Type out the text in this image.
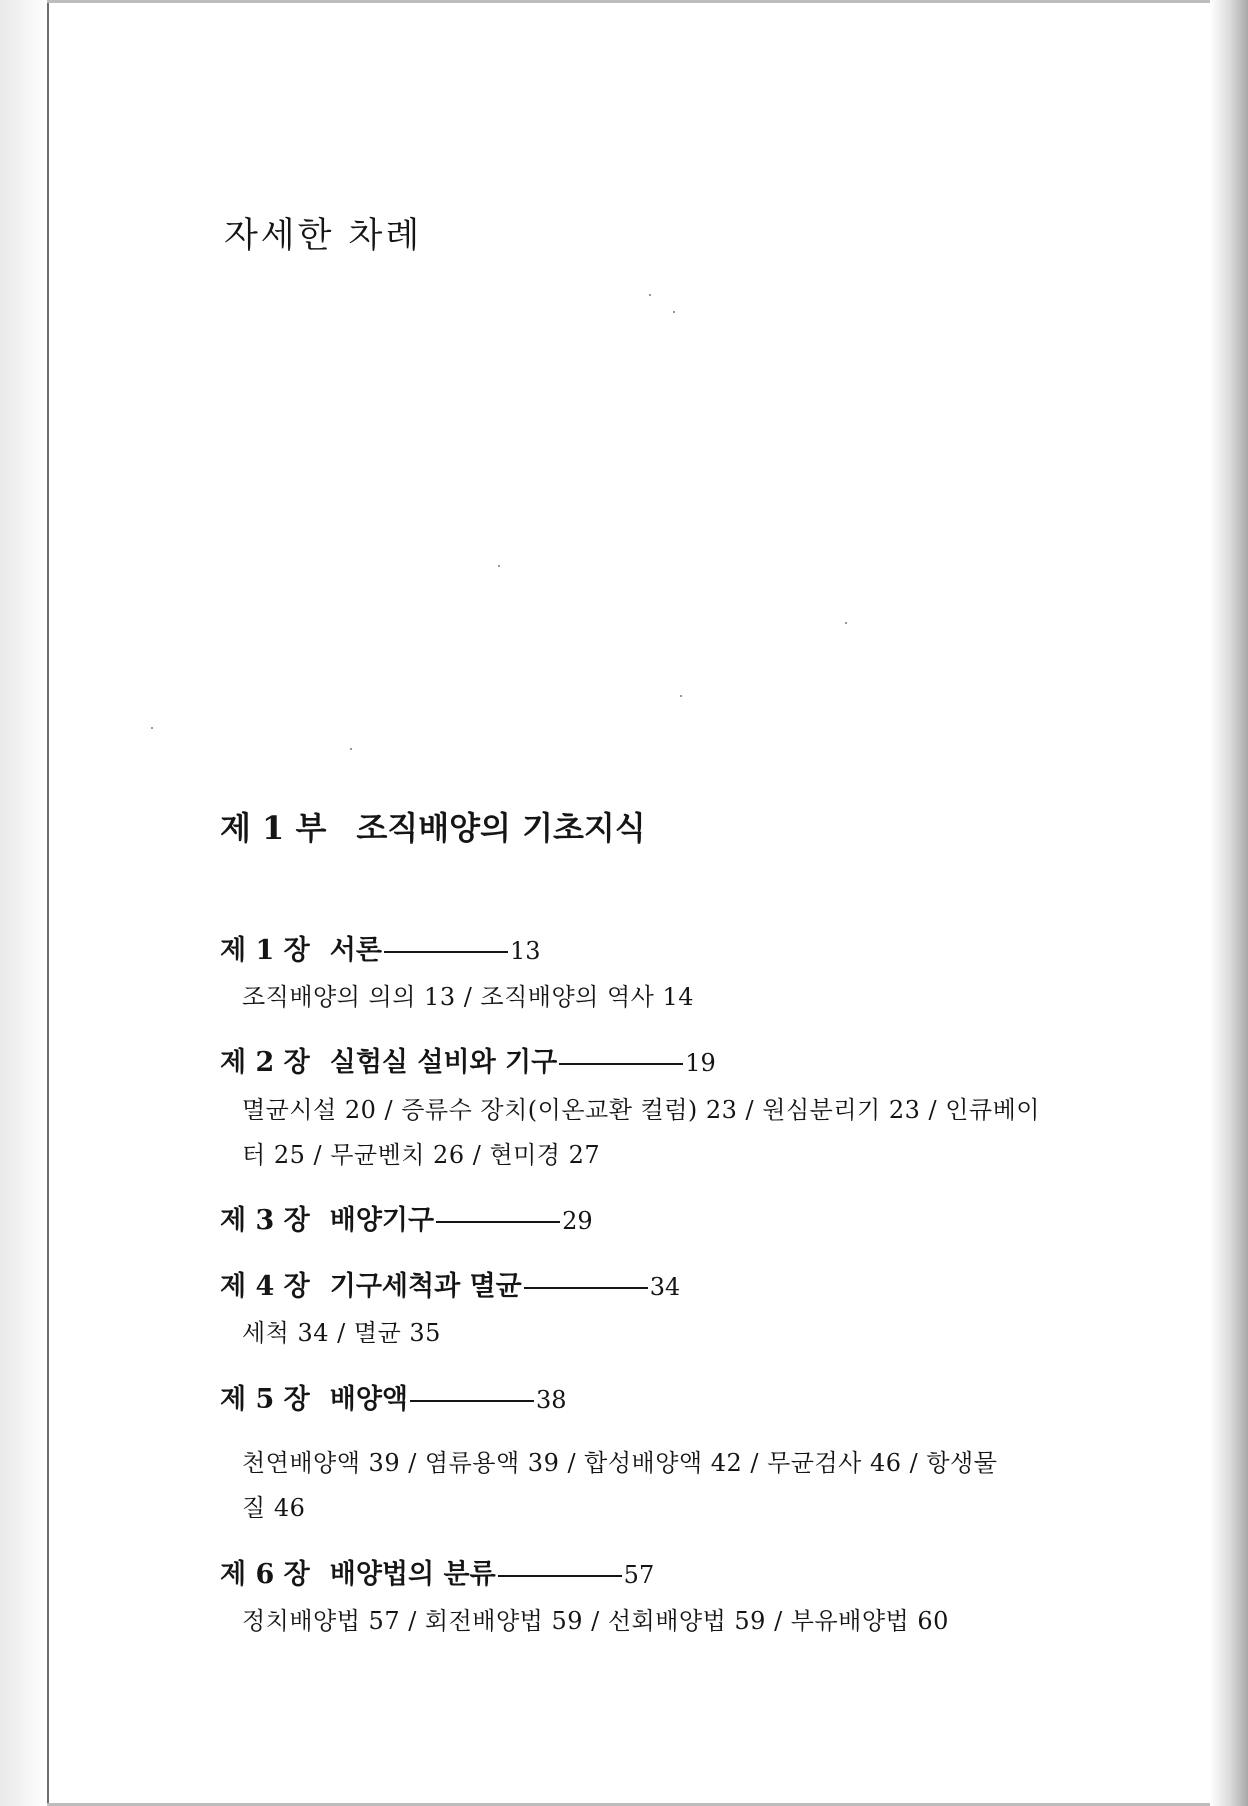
자세한 차례
제 1 부 조직배양의 기초지식
제 1 장 서론	13
조직배양의 의의 13 / 조직배양의 역사 14
제 2 장 실험실 설비와 기구	19
멸균시설 20 / 증류수 장치(이온교환 컬럼) 23 / 원심분리기 23 / 인큐베이
터 25 / 무균벤치 26 / 현미경 27
제 3 장 배양기구	29
제 4 장 기구세척과 멸균	34
세척 34 / 멸균 35
제 5 장 배양액	38
천연배양액 39 / 염류용액 39 / 합성배양액 42 / 무균검사 46 / 항생물
질 46
제 6 장 배양법의 분류	57
정치배양법 57 / 회전배양법 59 / 선회배양법 59 / 부유배양법 60
